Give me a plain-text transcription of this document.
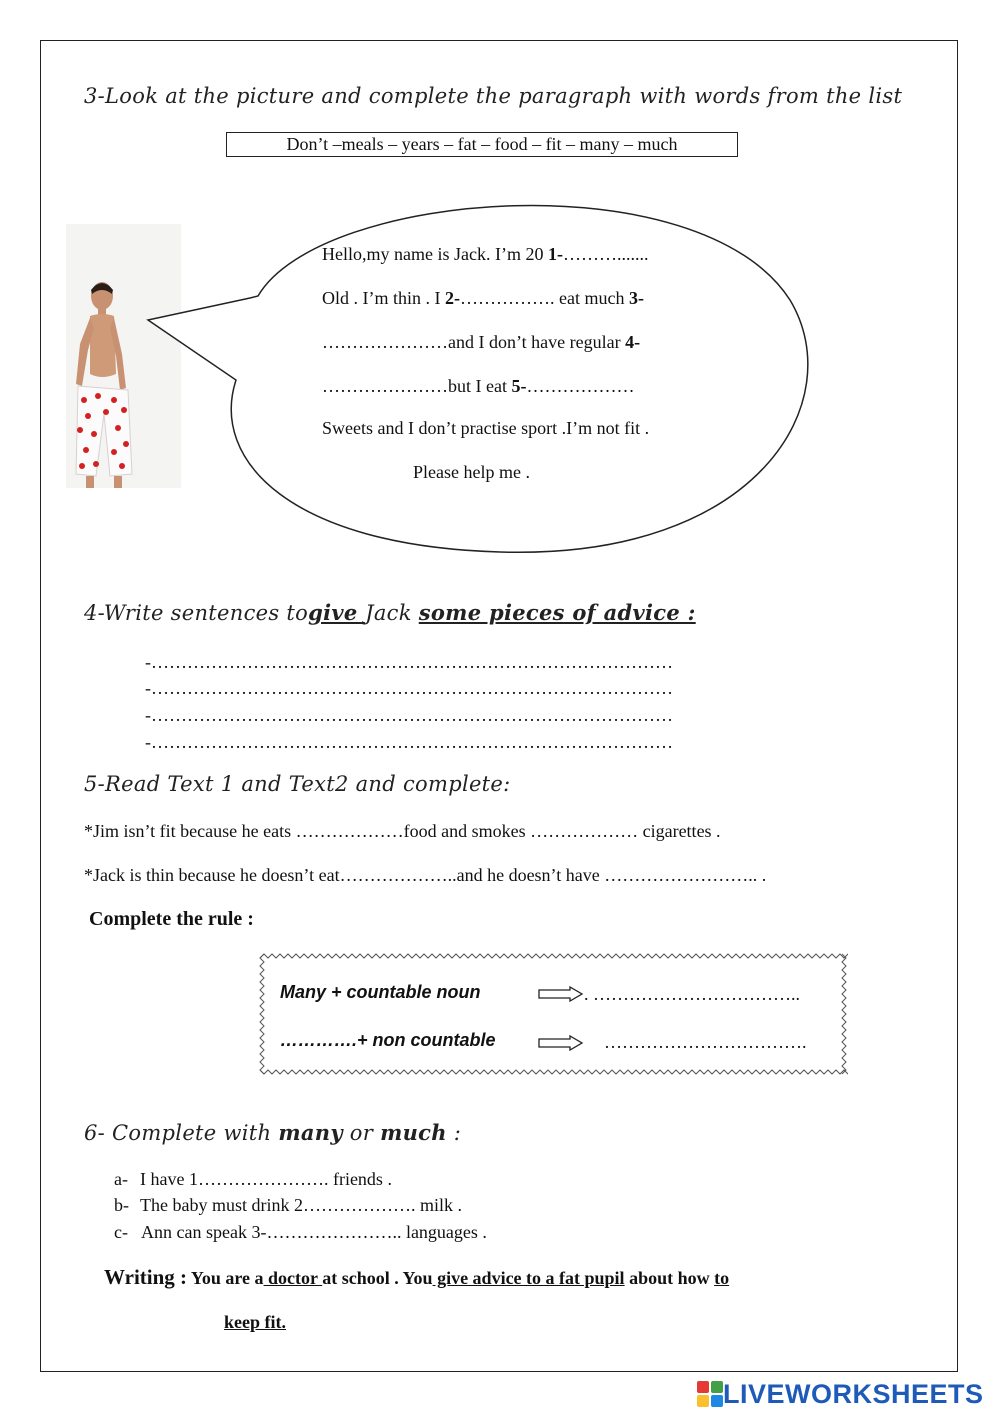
3-Look at the picture and complete the paragraph with words from the list
Don’t –meals – years – fat – food – fit – many – much
Hello,my name is Jack. I’m 20 1-……….......
Old . I’m thin . I 2-……………. eat much 3-
…………………and I don’t have regular 4-
…………………but I eat 5-………………
Sweets and I don’t practise sport .I’m not fit .
Please help me .
4-Write sentences togive Jack some pieces of advice :
-……………………………………………………………………………
-……………………………………………………………………………
-……………………………………………………………………………
-……………………………………………………………………………
5-Read Text 1 and Text2 and complete:
*Jim isn’t fit because he eats ………………food and smokes ……………… cigarettes .
*Jack is thin because he doesn’t eat………………..and he doesn’t have …………………….. .
Complete the rule :
Many + countable noun	. ……………………………..
………….+ non countable	…………………………….
6- Complete with many or much :
a- I have 1…………………. friends .
b- The baby must drink 2………………. milk .
c- Ann can speak 3-………………….. languages .
Writing : You are a doctor at school . You give advice to a fat pupil about how to
keep fit.
LIVEWORKSHEETS
